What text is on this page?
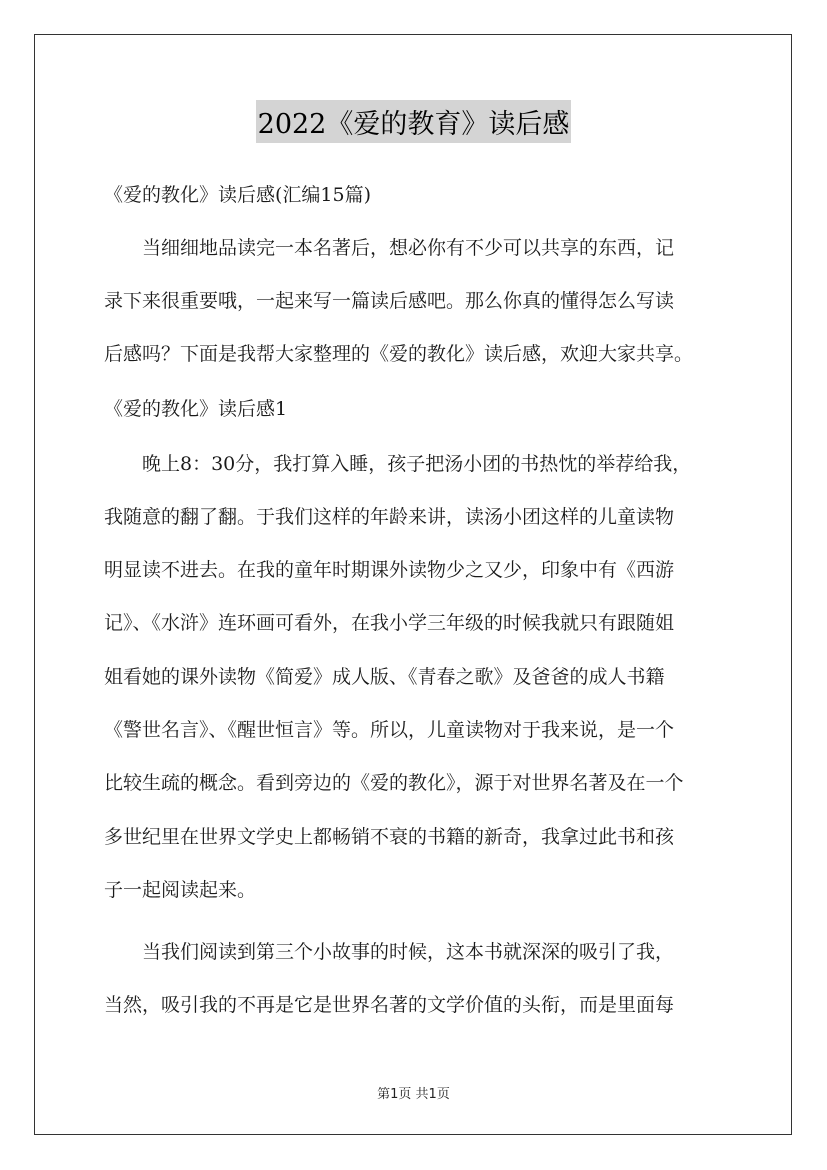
2022《爱的教育》读后感
《爱的教化》读后感(汇编15篇)
当细细地品读完一本名著后，想必你有不少可以共享的东西，记
录下来很重要哦，一起来写一篇读后感吧。那么你真的懂得怎么写读
后感吗？下面是我帮大家整理的《爱的教化》读后感，欢迎大家共享。
《爱的教化》读后感1
晚上8：30分，我打算入睡，孩子把汤小团的书热忱的举荐给我，
我随意的翻了翻。于我们这样的年龄来讲，读汤小团这样的儿童读物
明显读不进去。在我的童年时期课外读物少之又少，印象中有《西游
记》、《水浒》连环画可看外，在我小学三年级的时候我就只有跟随姐
姐看她的课外读物《简爱》成人版、《青春之歌》及爸爸的成人书籍
《警世名言》、《醒世恒言》等。所以，儿童读物对于我来说，是一个
比较生疏的概念。看到旁边的《爱的教化》，源于对世界名著及在一个
多世纪里在世界文学史上都畅销不衰的书籍的新奇，我拿过此书和孩
子一起阅读起来。
当我们阅读到第三个小故事的时候，这本书就深深的吸引了我，
当然，吸引我的不再是它是世界名著的文学价值的头衔，而是里面每
第1页 共1页
